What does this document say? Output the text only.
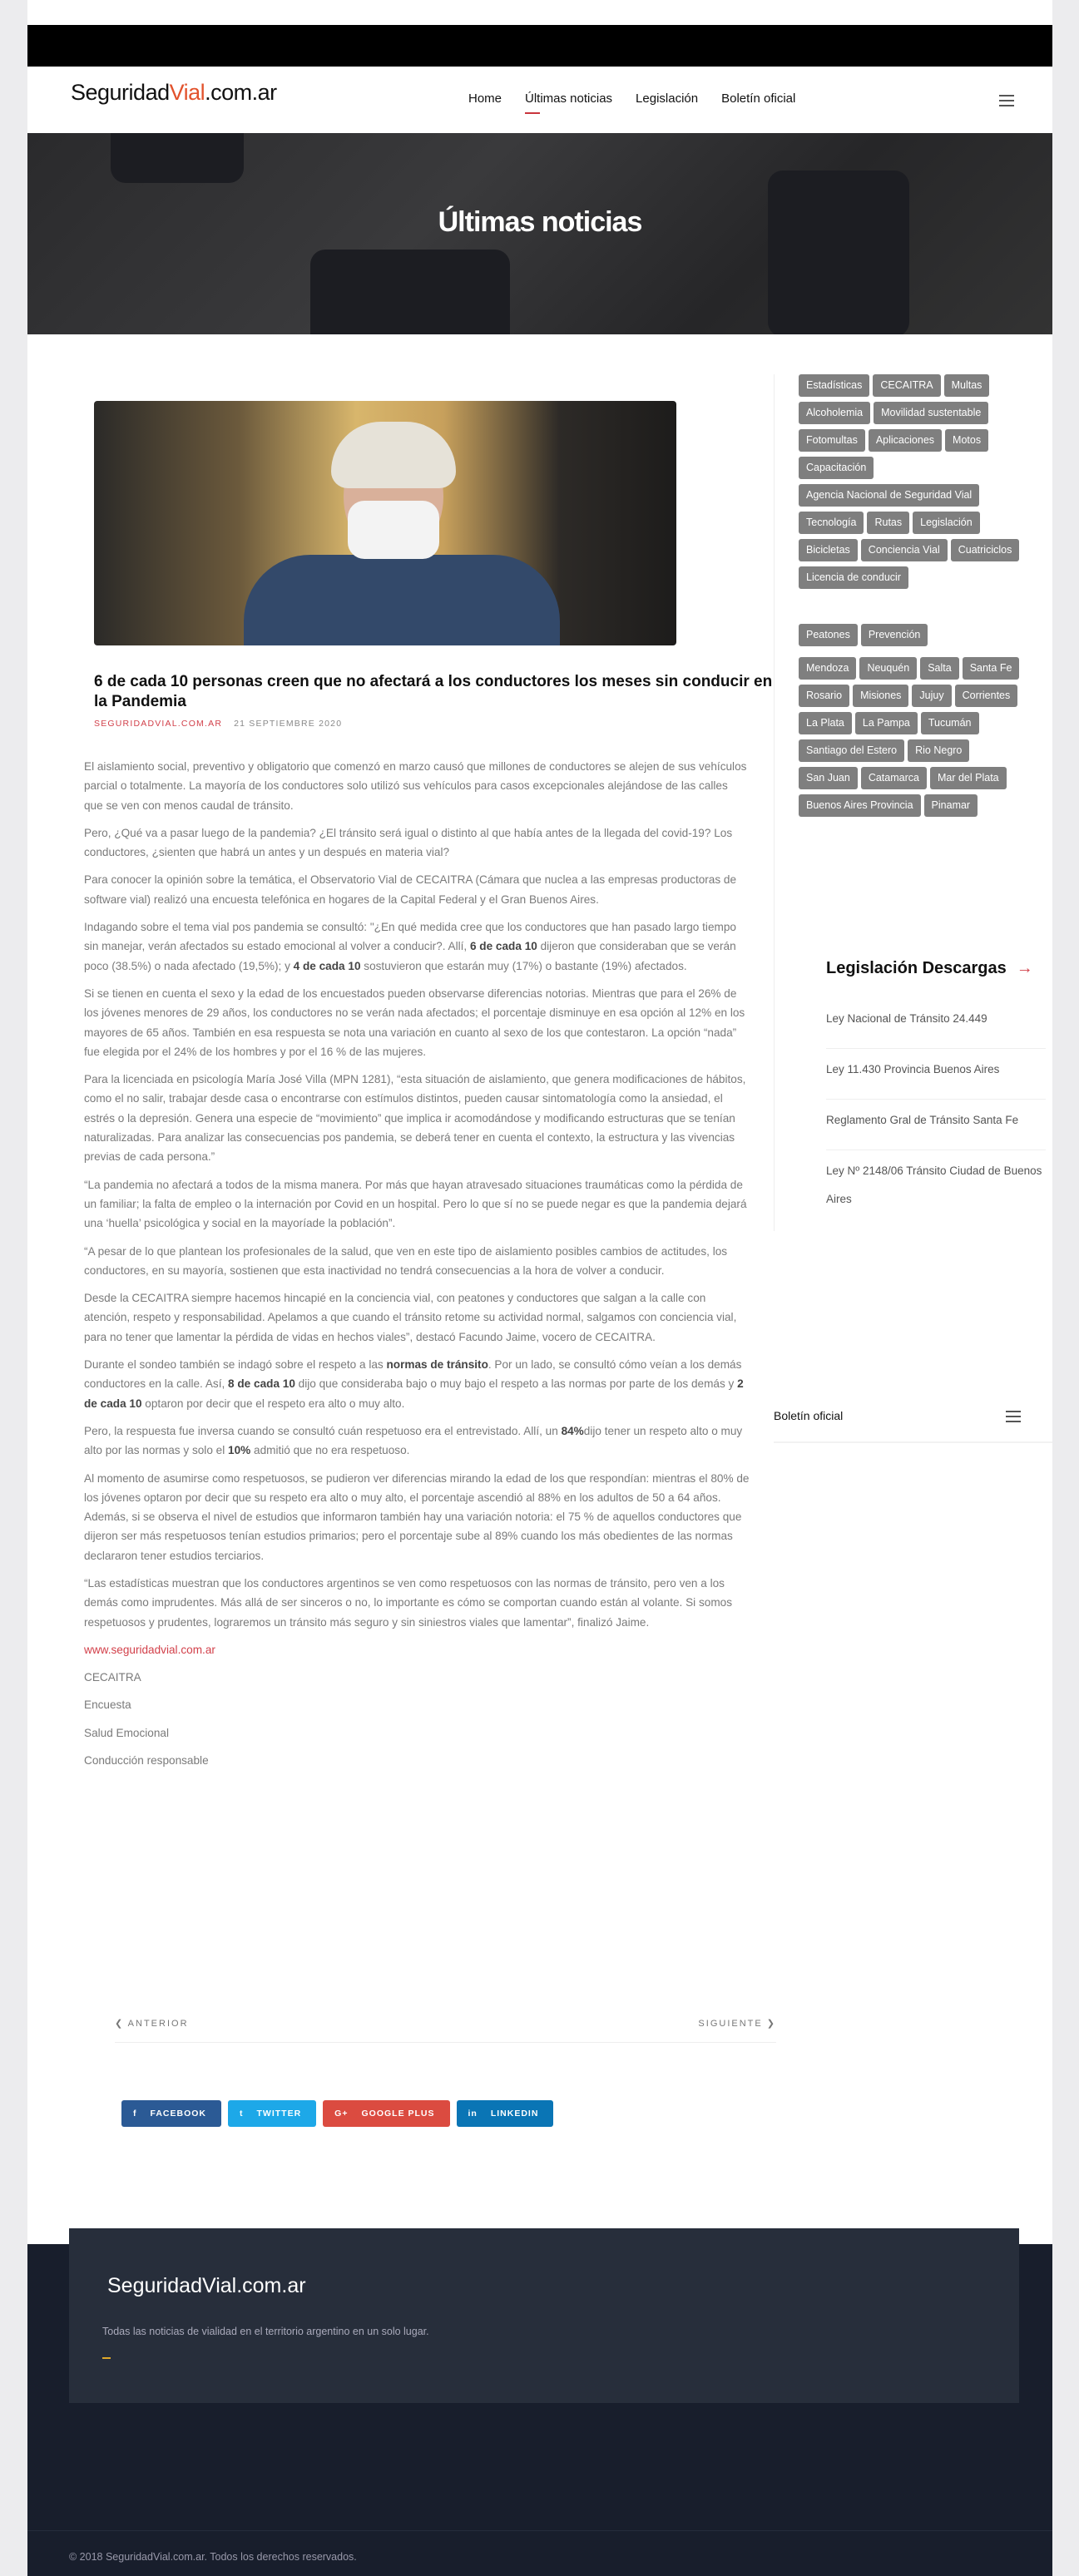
SeguridadVial.com.ar	Home Últimas noticias Legislación Boletín oficial
Últimas noticias
6 de cada 10 personas creen que no afectará a los conductores los meses sin conducir en la Pandemia
SEGURIDADVIAL.COM.AR 21 SEPTIEMBRE 2020

El aislamiento social, preventivo y obligatorio que comenzó en marzo causó que millones de conductores se alejen de sus vehículos parcial o totalmente. La mayoría de los conductores solo utilizó sus vehículos para casos excepcionales alejándose de las calles que se ven con menos caudal de tránsito.

Pero, ¿Qué va a pasar luego de la pandemia? ¿El tránsito será igual o distinto al que había antes de la llegada del covid-19? Los conductores, ¿sienten que habrá un antes y un después en materia vial?

Para conocer la opinión sobre la temática, el Observatorio Vial de CECAITRA (Cámara que nuclea a las empresas productoras de software vial) realizó una encuesta telefónica en hogares de la Capital Federal y el Gran Buenos Aires.

Indagando sobre el tema vial pos pandemia se consultó: "¿En qué medida cree que los conductores que han pasado largo tiempo sin manejar, verán afectados su estado emocional al volver a conducir?. Allí, 6 de cada 10 dijeron que consideraban que se verán poco (38.5%) o nada afectado (19,5%); y 4 de cada 10 sostuvieron que estarán muy (17%) o bastante (19%) afectados.

Si se tienen en cuenta el sexo y la edad de los encuestados pueden observarse diferencias notorias. Mientras que para el 26% de los jóvenes menores de 29 años, los conductores no se verán nada afectados; el porcentaje disminuye en esa opción al 12% en los mayores de 65 años. También en esa respuesta se nota una variación en cuanto al sexo de los que contestaron. La opción “nada” fue elegida por el 24% de los hombres y por el 16 % de las mujeres.

Para la licenciada en psicología María José Villa (MPN 1281), “esta situación de aislamiento, que genera modificaciones de hábitos, como el no salir, trabajar desde casa o encontrarse con estímulos distintos, pueden causar sintomatología como la ansiedad, el estrés o la depresión. Genera una especie de “movimiento” que implica ir acomodándose y modificando estructuras que se tenían naturalizadas. Para analizar las consecuencias pos pandemia, se deberá tener en cuenta el contexto, la estructura y las vivencias previas de cada persona.”

“La pandemia no afectará a todos de la misma manera. Por más que hayan atravesado situaciones traumáticas como la pérdida de un familiar; la falta de empleo o la internación por Covid en un hospital. Pero lo que sí no se puede negar es que la pandemia dejará una ‘huella’ psicológica y social en la mayoríade la población”.

“A pesar de lo que plantean los profesionales de la salud, que ven en este tipo de aislamiento posibles cambios de actitudes, los conductores, en su mayoría, sostienen que esta inactividad no tendrá consecuencias a la hora de volver a conducir.

Desde la CECAITRA siempre hacemos hincapié en la conciencia vial, con peatones y conductores que salgan a la calle con atención, respeto y responsabilidad. Apelamos a que cuando el tránsito retome su actividad normal, salgamos con conciencia vial, para no tener que lamentar la pérdida de vidas en hechos viales”, destacó Facundo Jaime, vocero de CECAITRA.

Durante el sondeo también se indagó sobre el respeto a las normas de tránsito. Por un lado, se consultó cómo veían a los demás conductores en la calle. Así, 8 de cada 10 dijo que consideraba bajo o muy bajo el respeto a las normas por parte de los demás y 2 de cada 10 optaron por decir que el respeto era alto o muy alto.

Pero, la respuesta fue inversa cuando se consultó cuán respetuoso era el entrevistado. Allí, un 84%dijo tener un respeto alto o muy alto por las normas y solo el 10% admitió que no era respetuoso.

Al momento de asumirse como respetuosos, se pudieron ver diferencias mirando la edad de los que respondían: mientras el 80% de los jóvenes optaron por decir que su respeto era alto o muy alto, el porcentaje ascendió al 88% en los adultos de 50 a 64 años. Además, si se observa el nivel de estudios que informaron también hay una variación notoria: el 75 % de aquellos conductores que dijeron ser más respetuosos tenían estudios primarios; pero el porcentaje sube al 89% cuando los más obedientes de las normas declararon tener estudios terciarios.

“Las estadísticas muestran que los conductores argentinos se ven como respetuosos con las normas de tránsito, pero ven a los demás como imprudentes. Más allá de ser sinceros o no, lo importante es cómo se comportan cuando están al volante. Si somos respetuosos y prudentes, lograremos un tránsito más seguro y sin siniestros viales que lamentar”, finalizó Jaime.

www.seguridadvial.com.ar

CECAITRA

Encuesta

Salud Emocional

Conducción responsable

Estadísticas	CECAITRA	Multas
Alcoholemia	Movilidad sustentable
Fotomultas	Aplicaciones	Motos
Capacitación
Agencia Nacional de Seguridad Vial
Tecnología	Rutas	Legislación
Bicicletas	Conciencia Vial	Cuatriciclos
Licencia de conducir
Peatones	Prevención
Mendoza	Neuquén	Salta	Santa Fe
Rosario	Misiones	Jujuy	Corrientes
La Plata	La Pampa	Tucumán
Santiago del Estero	Rio Negro
San Juan	Catamarca	Mar del Plata
Buenos Aires Provincia	Pinamar
Legislación Descargas →
Ley Nacional de Tránsito 24.449
Ley 11.430 Provincia Buenos Aires
Reglamento Gral de Tránsito Santa Fe
Ley Nº 2148/06 Tránsito Ciudad de Buenos Aires
Boletín oficial
❮ ANTERIOR	SIGUIENTE ❯
f FACEBOOK	t TWITTER	G+ GOOGLE PLUS	in LINKEDIN
SeguridadVial.com.ar
Todas las noticias de vialidad en el territorio argentino en un solo lugar.
© 2018 SeguridadVial.com.ar. Todos los derechos reservados.
